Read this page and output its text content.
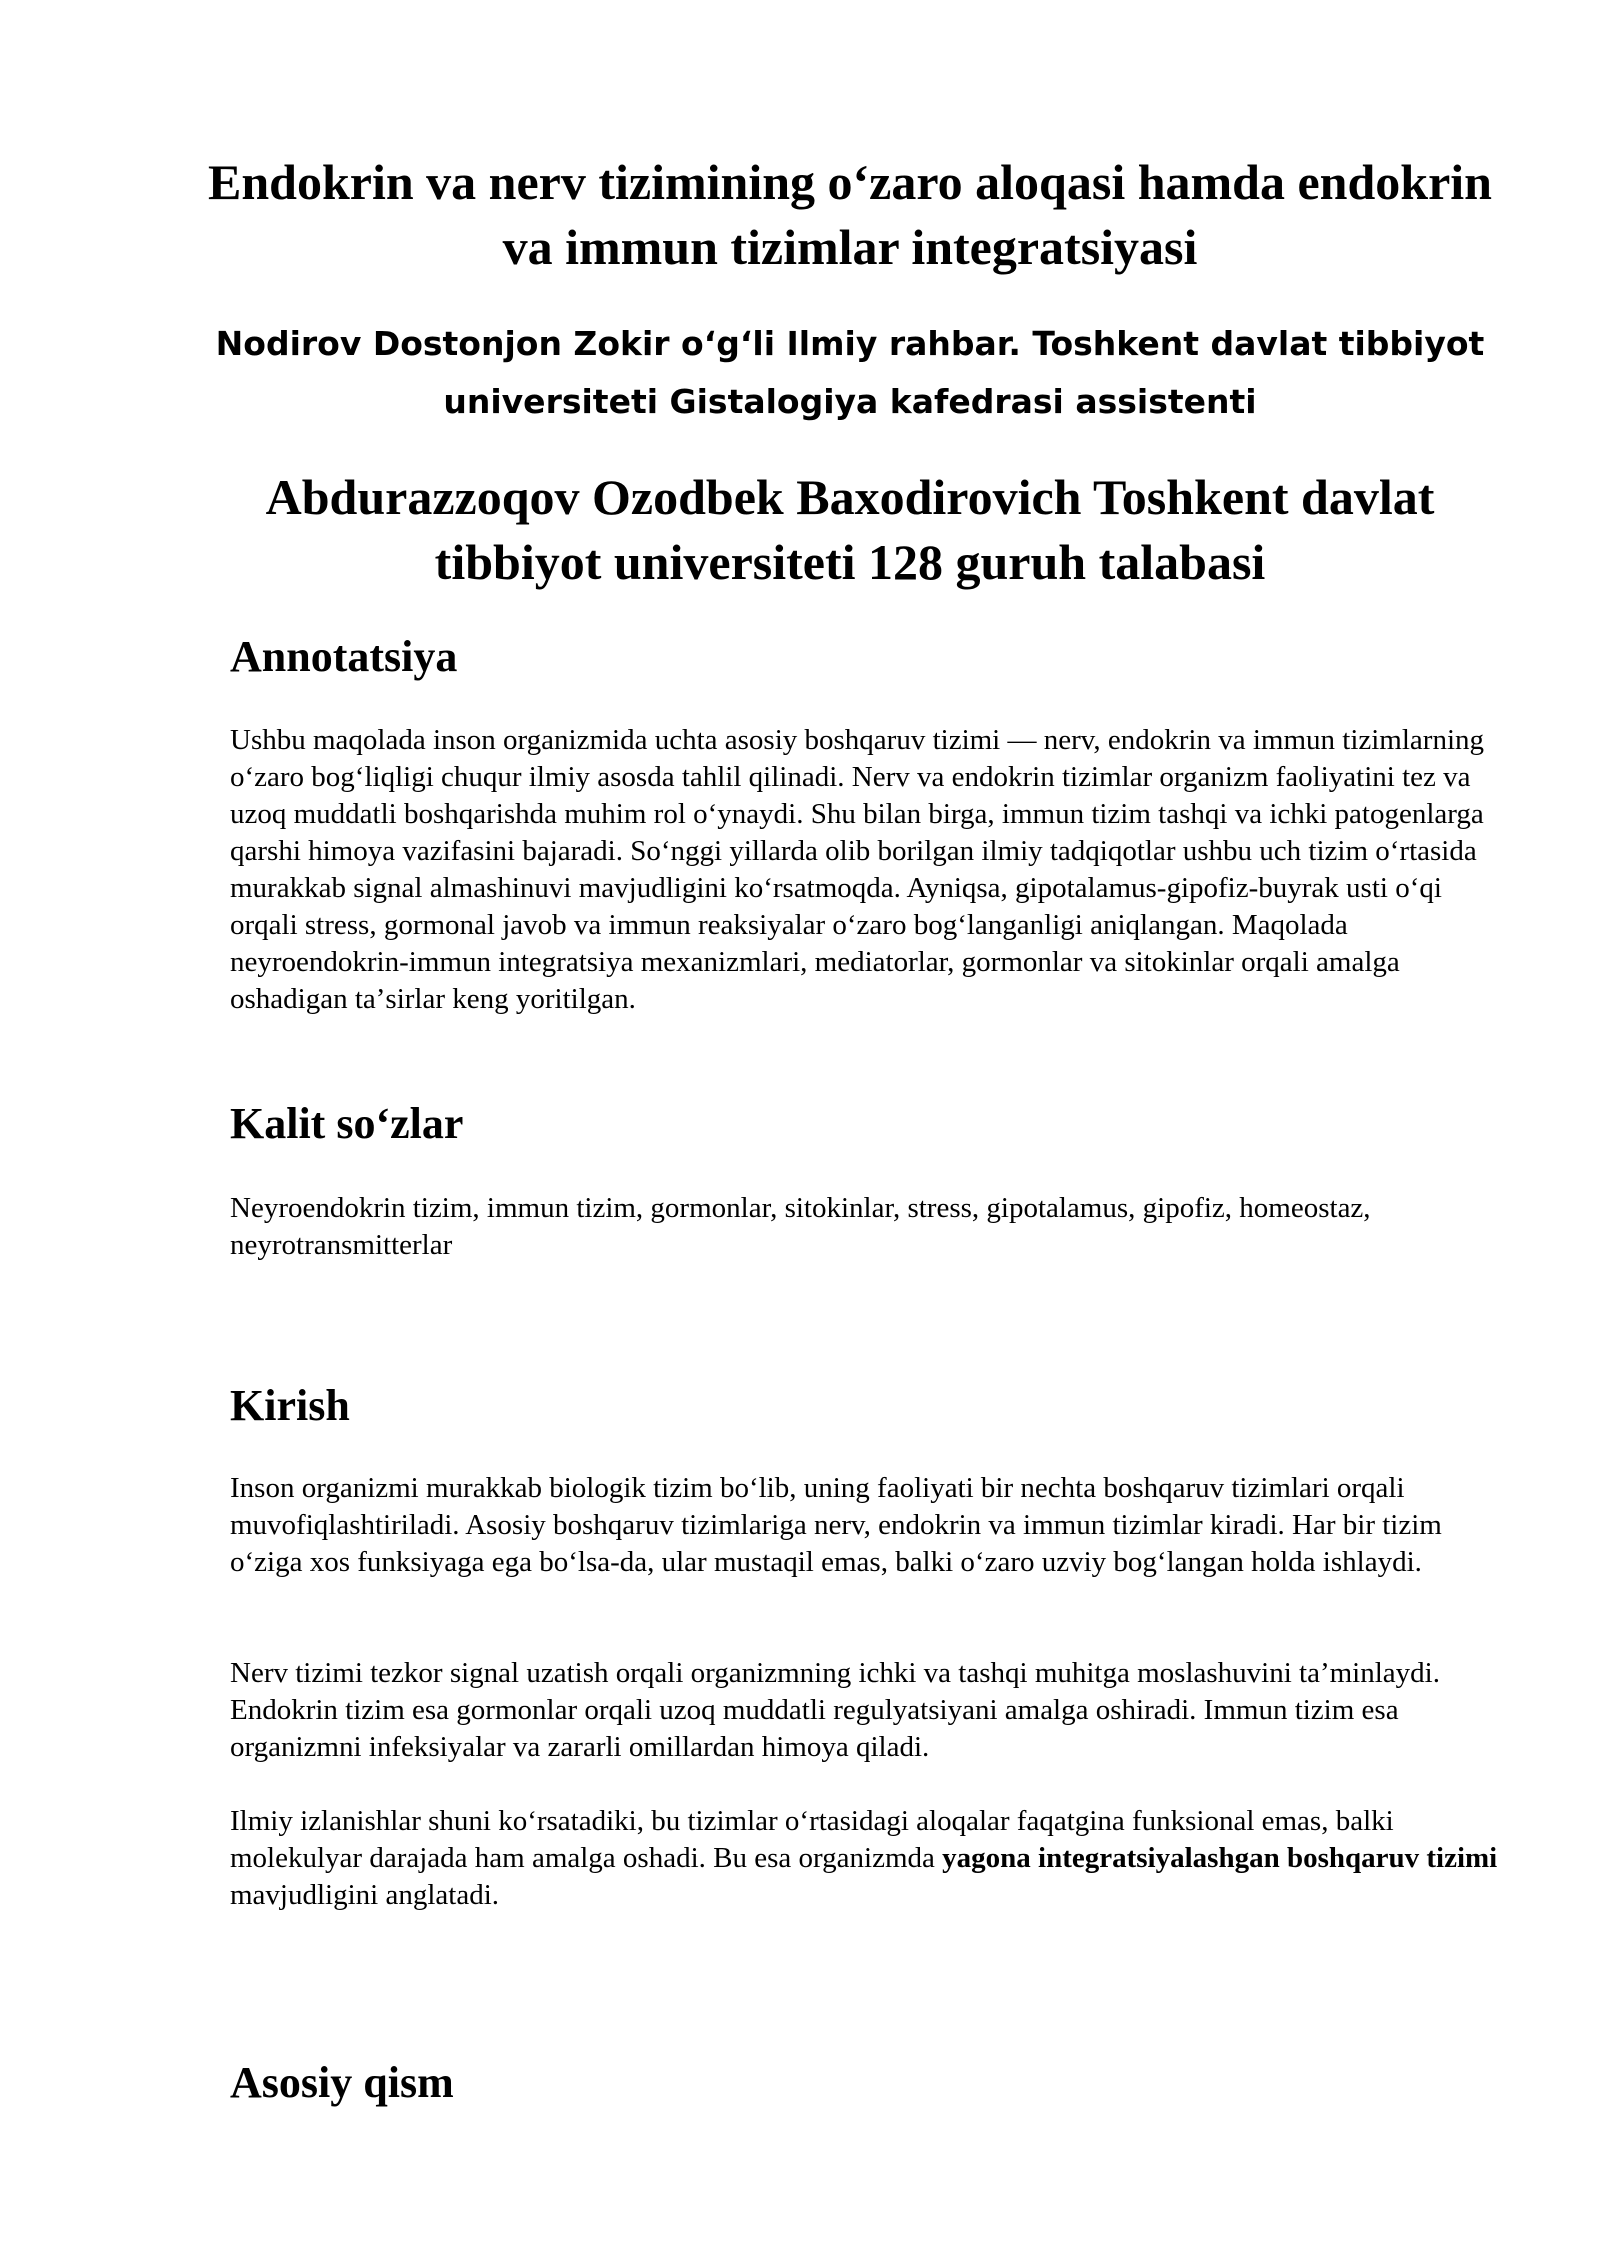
Endokrin va nerv tizimining oʻzaro aloqasi hamda endokrin va immun tizimlar integratsiyasi

Nodirov Dostonjon Zokir oʻgʻli Ilmiy rahbar. Toshkent davlat tibbiyot universiteti Gistalogiya kafedrasi assistenti

Abdurazzoqov Ozodbek Baxodirovich Toshkent davlat tibbiyot universiteti 128 guruh talabasi

Annotatsiya

Ushbu maqolada inson organizmida uchta asosiy boshqaruv tizimi — nerv, endokrin va immun tizimlarning oʻzaro bogʻliqligi chuqur ilmiy asosda tahlil qilinadi. Nerv va endokrin tizimlar organizm faoliyatini tez va uzoq muddatli boshqarishda muhim rol oʻynaydi. Shu bilan birga, immun tizim tashqi va ichki patogenlarga qarshi himoya vazifasini bajaradi. Soʻnggi yillarda olib borilgan ilmiy tadqiqotlar ushbu uch tizim oʻrtasida murakkab signal almashinuvi mavjudligini koʻrsatmoqda. Ayniqsa, gipotalamus-gipofiz-buyrak usti oʻqi orqali stress, gormonal javob va immun reaksiyalar oʻzaro bogʻlanganligi aniqlangan. Maqolada neyroendokrin-immun integratsiya mexanizmlari, mediatorlar, gormonlar va sitokinlar orqali amalga oshadigan taʼsirlar keng yoritilgan.

Kalit soʻzlar

Neyroendokrin tizim, immun tizim, gormonlar, sitokinlar, stress, gipotalamus, gipofiz, homeostaz, neyrotransmitterlar

Kirish

Inson organizmi murakkab biologik tizim boʻlib, uning faoliyati bir nechta boshqaruv tizimlari orqali muvofiqlashtiriladi. Asosiy boshqaruv tizimlariga nerv, endokrin va immun tizimlar kiradi. Har bir tizim oʻziga xos funksiyaga ega boʻlsa-da, ular mustaqil emas, balki oʻzaro uzviy bogʻlangan holda ishlaydi.

Nerv tizimi tezkor signal uzatish orqali organizmning ichki va tashqi muhitga moslashuvini taʼminlaydi. Endokrin tizim esa gormonlar orqali uzoq muddatli regulyatsiyani amalga oshiradi. Immun tizim esa organizmni infeksiyalar va zararli omillardan himoya qiladi.

Ilmiy izlanishlar shuni koʻrsatadiki, bu tizimlar oʻrtasidagi aloqalar faqatgina funksional emas, balki molekulyar darajada ham amalga oshadi. Bu esa organizmda yagona integratsiyalashgan boshqaruv tizimi mavjudligini anglatadi.

Asosiy qism
